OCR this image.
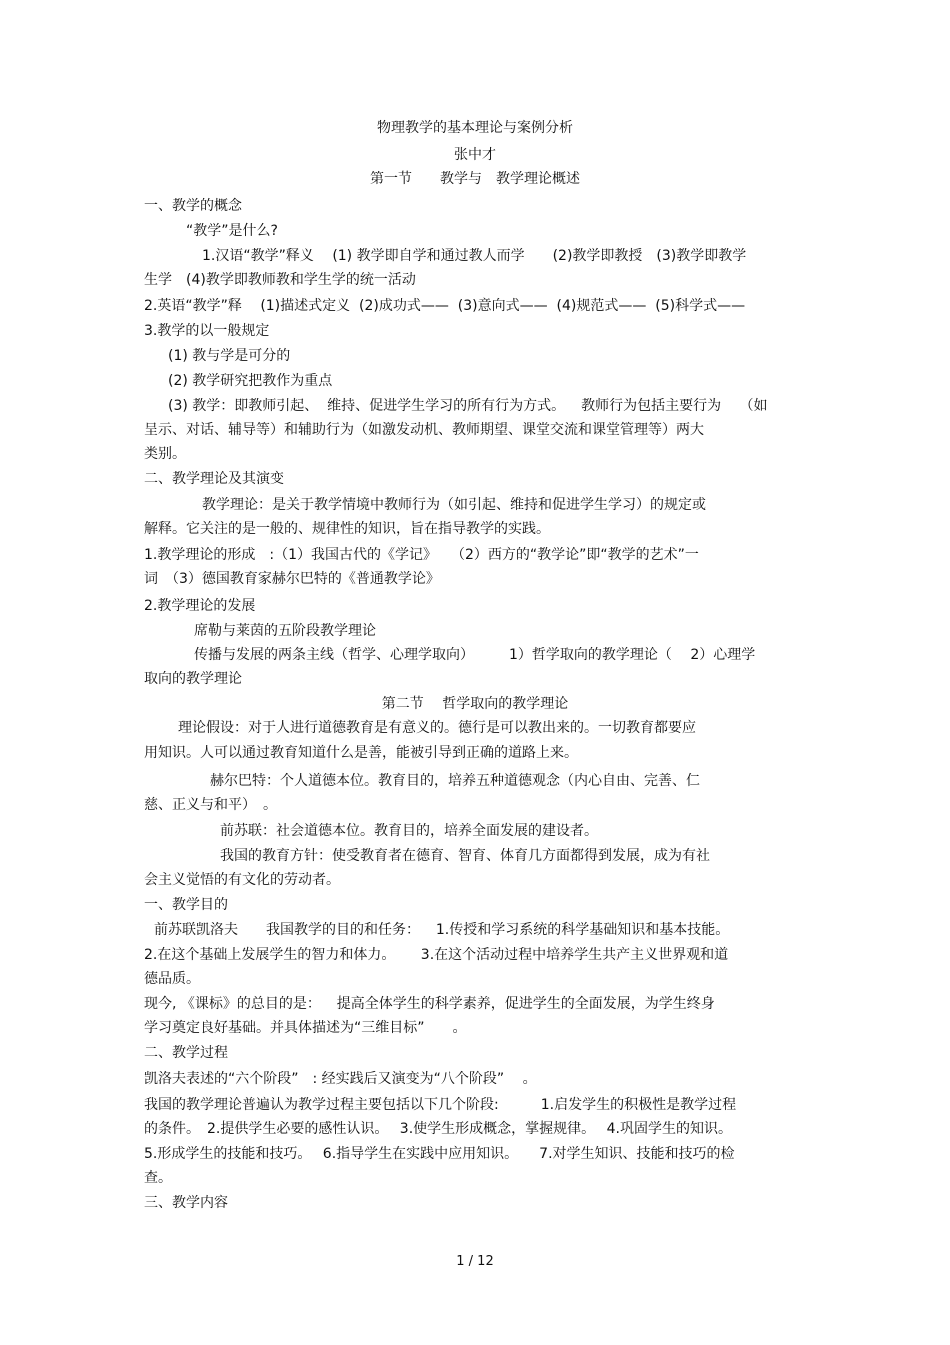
物理教学的基本理论与案例分析
张中才
第一节　　教学与　教学理论概述
一、教学的概念
“教学”是什么?
1.汉语“教学”释义　 (1) 教学即自学和通过教人而学　　(2)教学即教授　(3)教学即教学
生学　(4)教学即教师教和学生学的统一活动
2.英语“教学”释　 (1)描述式定义  (2)成功式——  (3)意向式——  (4)规范式——  (5)科学式——
3.教学的以一般规定
(1) 教与学是可分的
(2) 教学研究把教作为重点
(3) 教学：即教师引起、  维持、促进学生学习的所有行为方式。　  教师行为包括主要行为　 （如
呈示、对话、辅导等）和辅助行为（如激发动机、教师期望、课堂交流和课堂管理等）两大
类别。
二、教学理论及其演变
教学理论：是关于教学情境中教师行为（如引起、维持和促进学生学习）的规定或
解释。它关注的是一般的、规律性的知识，旨在指导教学的实践。
1.教学理论的形成　:（1）我国古代的《学记》　　（2）西方的“教学论”即“教学的艺术”一
词　（3）德国教育家赫尔巴特的《普通教学论》
2.教学理论的发展
席勒与莱茵的五阶段教学理论
传播与发展的两条主线（哲学、心理学取向）　　　1）哲学取向的教学理论（　 2）心理学
取向的教学理论
第二节　 哲学取向的教学理论
理论假设：对于人进行道德教育是有意义的。德行是可以教出来的。一切教育都要应
用知识。人可以通过教育知道什么是善，能被引导到正确的道路上来。
赫尔巴特：个人道德本位。教育目的，培养五种道德观念（内心自由、完善、仁
慈、正义与和平）　。
前苏联：社会道德本位。教育目的，培养全面发展的建设者。
我国的教育方针：使受教育者在德育、智育、体育几方面都得到发展，成为有社
会主义觉悟的有文化的劳动者。
一、教学目的
前苏联凯洛夫　　我国教学的目的和任务：　  1.传授和学习系统的科学基础知识和基本技能。
2.在这个基础上发展学生的智力和体力。　　 3.在这个活动过程中培养学生共产主义世界观和道
德品质。
现今, 《课标》的总目的是：　  提高全体学生的科学素养，促进学生的全面发展，为学生终身
学习奠定良好基础。并具体描述为“三维目标”　　。
二、教学过程
凯洛夫表述的“六个阶段”　: 经实践后又演变为“八个阶段”　 。
我国的教学理论普遍认为教学过程主要包括以下几个阶段:　　　1.启发学生的积极性是教学过程
的条件。　2.提供学生必要的感性认识。　 3.使学生形成概念，掌握规律。　 4.巩固学生的知识。
5.形成学生的技能和技巧。　 6.指导学生在实践中应用知识。　　7.对学生知识、技能和技巧的检
查。
三、教学内容
1 / 12
